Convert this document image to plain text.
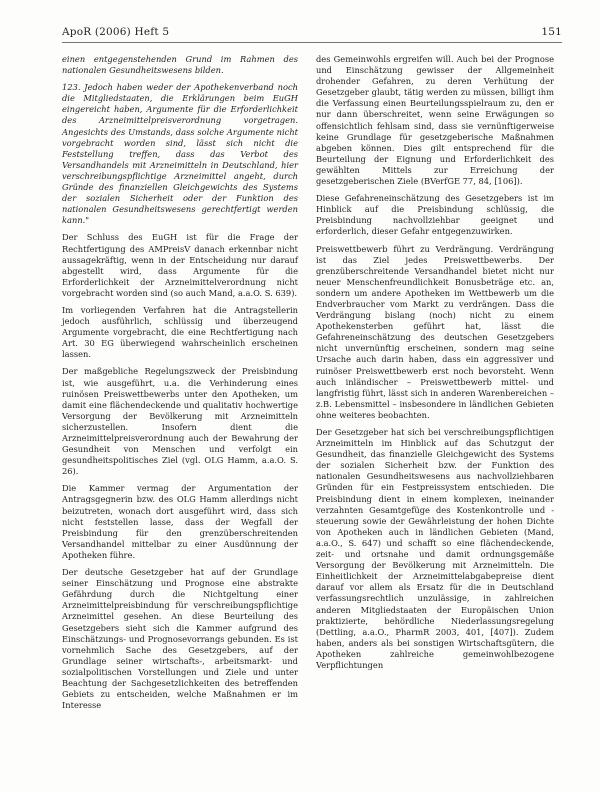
ApoR (2006) Heft 5	151

einen entgegenstehenden Grund im Rahmen des nationalen Gesundheitswesens bilden.

123. Jedoch haben weder der Apothekenverband noch die Mitgliedstaaten, die Erklärungen beim EuGH eingereicht haben, Argumente für die Erforderlichkeit des Arzneimittelpreisverordnung vorgetragen. Angesichts des Umstands, dass solche Argumente nicht vorgebracht worden sind, lässt sich nicht die Feststellung treffen, dass das Verbot des Versandhandels mit Arzneimitteln in Deutschland, hier verschreibungspflichtige Arzneimittel angeht, durch Gründe des finanziellen Gleichgewichts des Systems der sozialen Sicherheit oder der Funktion des nationalen Gesundheitswesens gerechtfertigt werden kann."

Der Schluss des EuGH ist für die Frage der Rechtfertigung des AMPreisV danach erkennbar nicht aussagekräftig, wenn in der Entscheidung nur darauf abgestellt wird, dass Argumente für die Erforderlichkeit der Arzneimittelverordnung nicht vorgebracht worden sind (so auch Mand, a.a.O. S. 639).

Im vorliegenden Verfahren hat die Antragstellerin jedoch ausführlich, schlüssig und überzeugend Argumente vorgebracht, die eine Rechtfertigung nach Art. 30 EG überwiegend wahrscheinlich erscheinen lassen.

Der maßgebliche Regelungszweck der Preisbindung ist, wie ausgeführt, u.a. die Verhinderung eines ruinösen Preiswettbewerbs unter den Apotheken, um damit eine flächendeckende und qualitativ hochwertige Versorgung der Bevölkerung mit Arzneimitteln sicherzustellen. Insofern dient die Arzneimittelpreisverordnung auch der Bewahrung der Gesundheit von Menschen und verfolgt ein gesundheitspolitisches Ziel (vgl. OLG Hamm, a.a.O. S. 26).

Die Kammer vermag der Argumentation der Antragsgegnerin bzw. des OLG Hamm allerdings nicht beizutreten, wonach dort ausgeführt wird, dass sich nicht feststellen lasse, dass der Wegfall der Preisbindung für den grenzüberschreitenden Versandhandel mittelbar zu einer Ausdünnung der Apotheken führe.

Der deutsche Gesetzgeber hat auf der Grundlage seiner Einschätzung und Prognose eine abstrakte Gefährdung durch die Nichtgeltung einer Arzneimittelpreisbindung für verschreibungspflichtige Arzneimittel gesehen. An diese Beurteilung des Gesetzgebers sieht sich die Kammer aufgrund des Einschätzungs- und Prognosevorrangs gebunden. Es ist vornehmlich Sache des Gesetzgebers, auf der Grundlage seiner wirtschafts-, arbeitsmarkt- und sozialpolitischen Vorstellungen und Ziele und unter Beachtung der Sachgesetzlichkeiten des betreffenden Gebiets zu entscheiden, welche Maßnahmen er im Interesse

des Gemeinwohls ergreifen will. Auch bei der Prognose und Einschätzung gewisser der Allgemeinheit drohender Gefahren, zu deren Verhütung der Gesetzgeber glaubt, tätig werden zu müssen, billigt ihm die Verfassung einen Beurteilungsspielraum zu, den er nur dann überschreitet, wenn seine Erwägungen so offensichtlich fehlsam sind, dass sie vernünftigerweise keine Grundlage für gesetzgeberische Maßnahmen abgeben können. Dies gilt entsprechend für die Beurteilung der Eignung und Erforderlichkeit des gewählten Mittels zur Erreichung der gesetzgeberischen Ziele (BVerfGE 77, 84, [106]).

Diese Gefahreneinschätzung des Gesetzgebers ist im Hinblick auf die Preisbindung schlüssig, die Preisbindung nachvollziehbar geeignet und erforderlich, dieser Gefahr entgegenzuwirken.

Preiswettbewerb führt zu Verdrängung. Verdrängung ist das Ziel jedes Preiswettbewerbs. Der grenzüberschreitende Versandhandel bietet nicht nur neuer Menschenfreundlichkeit Bonusbeträge etc. an, sondern um andere Apotheken im Wettbewerb um die Endverbraucher vom Markt zu verdrängen. Dass die Verdrängung bislang (noch) nicht zu einem Apothekensterben geführt hat, lässt die Gefahreneinschätzung des deutschen Gesetzgebers nicht unvernünftig erscheinen, sondern mag seine Ursache auch darin haben, dass ein aggressiver und ruinöser Preiswettbewerb erst noch bevorsteht. Wenn auch inländischer – Preiswettbewerb mittel- und langfristig führt, lässt sich in anderen Warenbereichen – z.B. Lebensmittel – insbesondere in ländlichen Gebieten ohne weiteres beobachten.

Der Gesetzgeber hat sich bei verschreibungspflichtigen Arzneimitteln im Hinblick auf das Schutzgut der Gesundheit, das finanzielle Gleichgewicht des Systems der sozialen Sicherheit bzw. der Funktion des nationalen Gesundheitswesens aus nachvollziehbaren Gründen für ein Festpreissystem entschieden. Die Preisbindung dient in einem komplexen, ineinander verzahnten Gesamtgefüge des Kostenkontrolle und -steuerung sowie der Gewährleistung der hohen Dichte von Apotheken auch in ländlichen Gebieten (Mand, a.a.O., S. 647) und schafft so eine flächendeckende, zeit- und ortsnahe und damit ordnungsgemäße Versorgung der Bevölkerung mit Arzneimitteln. Die Einheitlichkeit der Arzneimittelabgabepreise dient darauf vor allem als Ersatz für die in Deutschland verfassungsrechtlich unzulässige, in zahlreichen anderen Mitgliedstaaten der Europäischen Union praktizierte, behördliche Niederlassungsregelung (Dettling, a.a.O., PharmR 2003, 401, [407]). Zudem haben, anders als bei sonstigen Wirtschaftsgütern, die Apotheken zahlreiche gemeinwohlbezogene Verpflichtungen
